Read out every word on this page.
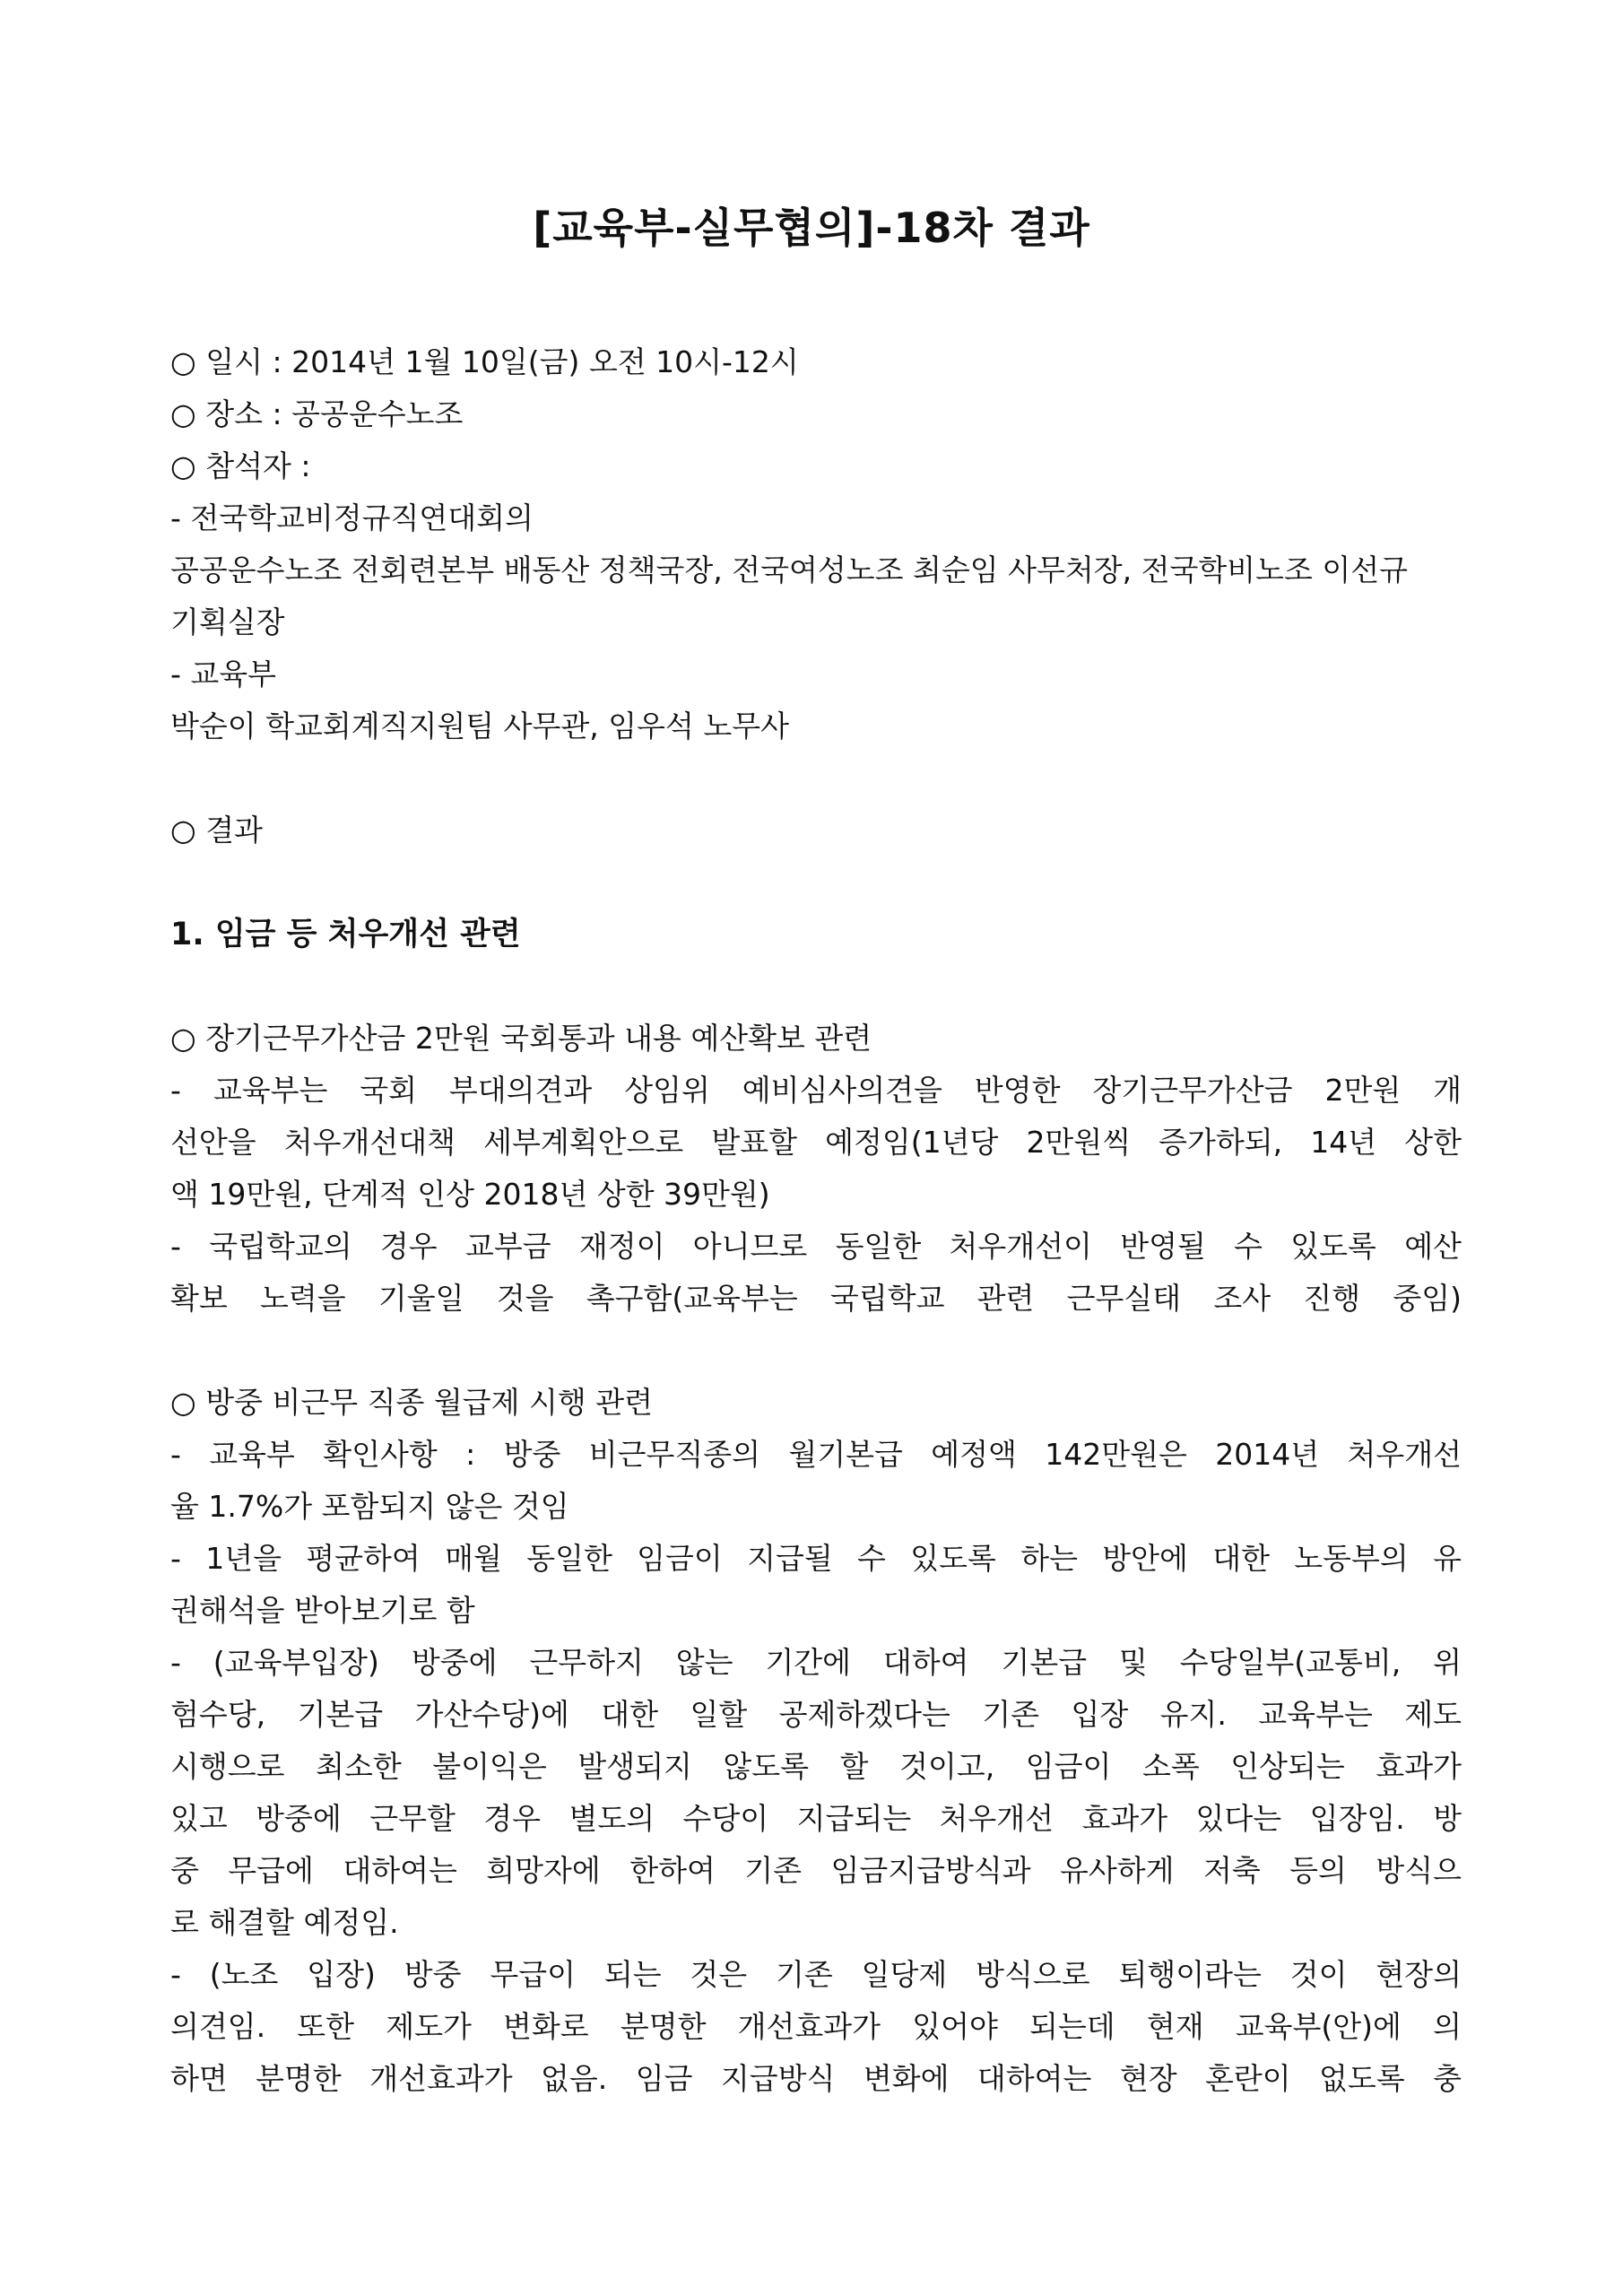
[교육부-실무협의]-18차 결과

○ 일시 : 2014년 1월 10일(금) 오전 10시-12시

○ 장소 : 공공운수노조

○ 참석자 :

- 전국학교비정규직연대회의

공공운수노조 전회련본부 배동산 정책국장, 전국여성노조 최순임 사무처장, 전국학비노조 이선규

기획실장

- 교육부

박순이 학교회계직지원팀 사무관, 임우석 노무사

○ 결과

1. 임금 등 처우개선 관련

○ 장기근무가산금 2만원 국회통과 내용 예산확보 관련

- 교육부는 국회 부대의견과 상임위 예비심사의견을 반영한 장기근무가산금 2만원 개

선안을 처우개선대책 세부계획안으로 발표할 예정임(1년당 2만원씩 증가하되, 14년 상한

액 19만원, 단계적 인상 2018년 상한 39만원)

- 국립학교의 경우 교부금 재정이 아니므로 동일한 처우개선이 반영될 수 있도록 예산

확보 노력을 기울일 것을 촉구함(교육부는 국립학교 관련 근무실태 조사 진행 중임)

○ 방중 비근무 직종 월급제 시행 관련

- 교육부 확인사항 : 방중 비근무직종의 월기본급 예정액 142만원은 2014년 처우개선

율 1.7%가 포함되지 않은 것임

- 1년을 평균하여 매월 동일한 임금이 지급될 수 있도록 하는 방안에 대한 노동부의 유

권해석을 받아보기로 함

- (교육부입장) 방중에 근무하지 않는 기간에 대하여 기본급 및 수당일부(교통비, 위

험수당, 기본급 가산수당)에 대한 일할 공제하겠다는 기존 입장 유지. 교육부는 제도

시행으로 최소한 불이익은 발생되지 않도록 할 것이고, 임금이 소폭 인상되는 효과가

있고 방중에 근무할 경우 별도의 수당이 지급되는 처우개선 효과가 있다는 입장임. 방

중 무급에 대하여는 희망자에 한하여 기존 임금지급방식과 유사하게 저축 등의 방식으

로 해결할 예정임.

- (노조 입장) 방중 무급이 되는 것은 기존 일당제 방식으로 퇴행이라는 것이 현장의

의견임. 또한 제도가 변화로 분명한 개선효과가 있어야 되는데 현재 교육부(안)에 의

하면 분명한 개선효과가 없음. 임금 지급방식 변화에 대하여는 현장 혼란이 없도록 충
